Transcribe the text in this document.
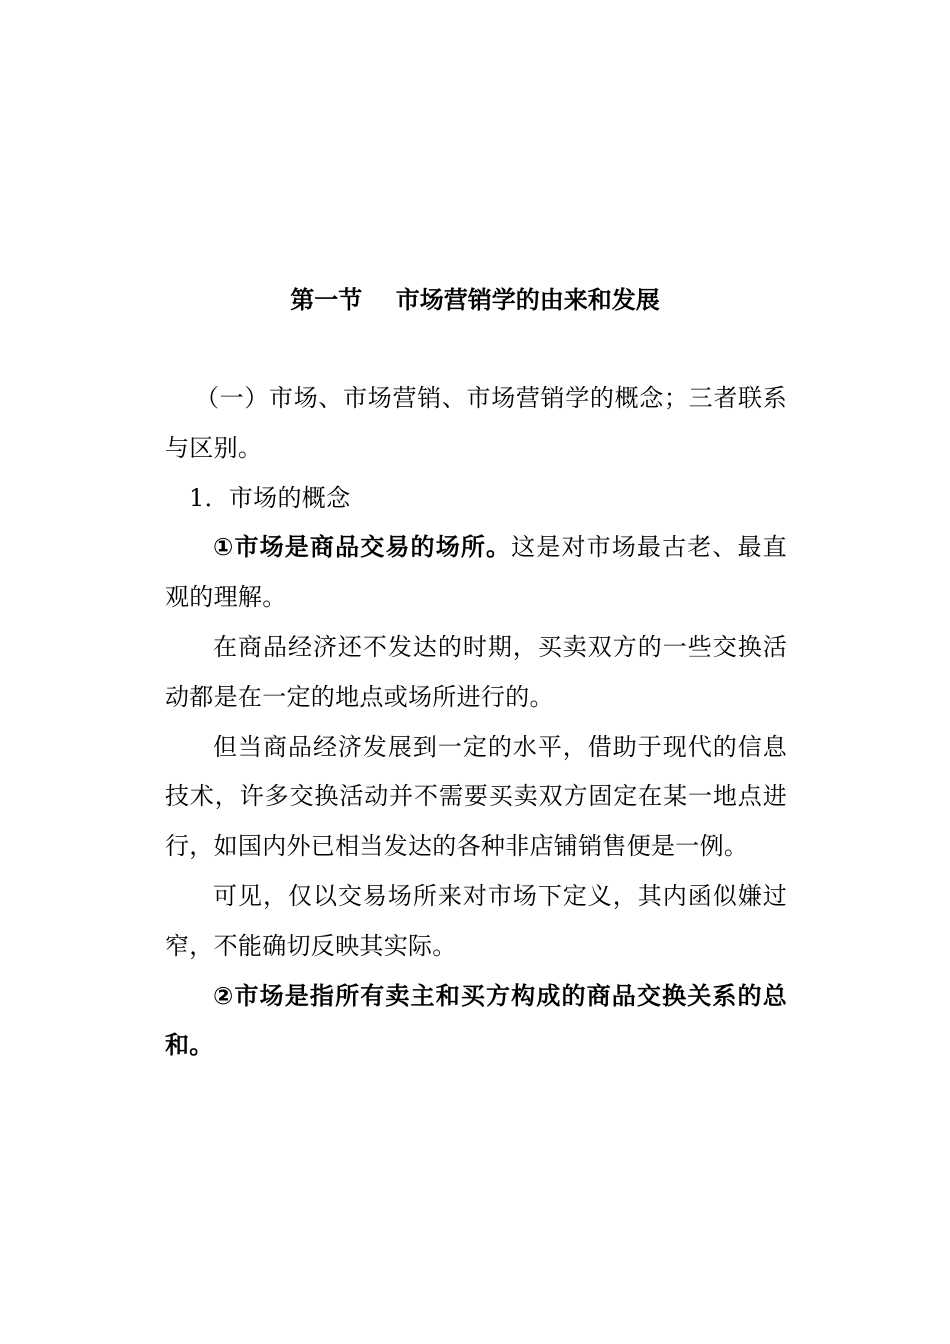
第一节    市场营销学的由来和发展

（一）市场、市场营销、市场营销学的概念；三者联系与区别。

1．市场的概念

①市场是商品交易的场所。这是对市场最古老、最直观的理解。

在商品经济还不发达的时期，买卖双方的一些交换活动都是在一定的地点或场所进行的。

但当商品经济发展到一定的水平，借助于现代的信息技术，许多交换活动并不需要买卖双方固定在某一地点进行，如国内外已相当发达的各种非店铺销售便是一例。

可见，仅以交易场所来对市场下定义，其内函似嫌过窄，不能确切反映其实际。

②市场是指所有卖主和买方构成的商品交换关系的总和。
